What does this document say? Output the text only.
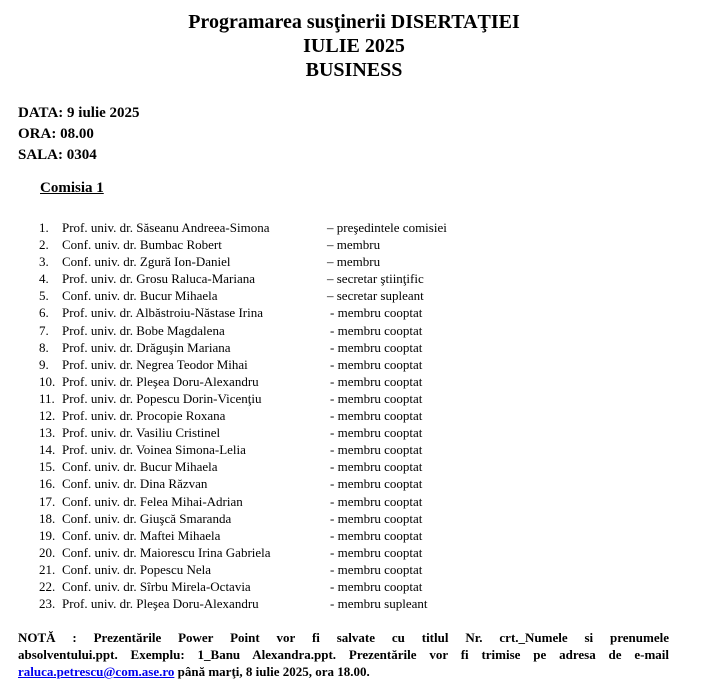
Programarea susţinerii DISERTAŢIEI
IULIE 2025
BUSINESS
DATA: 9 iulie 2025
ORA: 08.00
SALA: 0304
Comisia 1
1. Prof. univ. dr. Săseanu Andreea-Simona	– preşedintele comisiei
2. Conf. univ. dr. Bumbac Robert	– membru
3. Conf. univ. dr. Zgură Ion-Daniel	– membru
4. Prof. univ. dr. Grosu Raluca-Mariana	– secretar ştiinţific
5. Conf. univ. dr. Bucur Mihaela	– secretar supleant
6. Prof. univ. dr. Albăstroiu-Năstase Irina	- membru cooptat
7. Prof. univ. dr. Bobe Magdalena	- membru cooptat
8. Prof. univ. dr. Drăguşin Mariana	- membru cooptat
9. Prof. univ. dr. Negrea Teodor Mihai	- membru cooptat
10. Prof. univ. dr. Pleşea Doru-Alexandru	- membru cooptat
11. Prof. univ. dr. Popescu Dorin-Vicenţiu	- membru cooptat
12. Prof. univ. dr. Procopie Roxana	- membru cooptat
13. Prof. univ. dr. Vasiliu Cristinel	- membru cooptat
14. Prof. univ. dr. Voinea Simona-Lelia	- membru cooptat
15. Conf. univ. dr. Bucur Mihaela	- membru cooptat
16. Conf. univ. dr. Dina Răzvan	- membru cooptat
17. Conf. univ. dr. Felea Mihai-Adrian	- membru cooptat
18. Conf. univ. dr. Giuşcă Smaranda	- membru cooptat
19. Conf. univ. dr. Maftei Mihaela	- membru cooptat
20. Conf. univ. dr. Maiorescu Irina Gabriela	- membru cooptat
21. Conf. univ. dr. Popescu Nela	- membru cooptat
22. Conf. univ. dr. Sîrbu Mirela-Octavia	- membru cooptat
23. Prof. univ. dr. Pleşea Doru-Alexandru	- membru supleant
NOTĂ : Prezentările Power Point vor fi salvate cu titlul Nr. crt._Numele si prenumele
absolventului.ppt. Exemplu: 1_Banu Alexandra.ppt. Prezentările vor fi trimise pe adresa de e-mail
raluca.petrescu@com.ase.ro până marţi, 8 iulie 2025, ora 18.00.
